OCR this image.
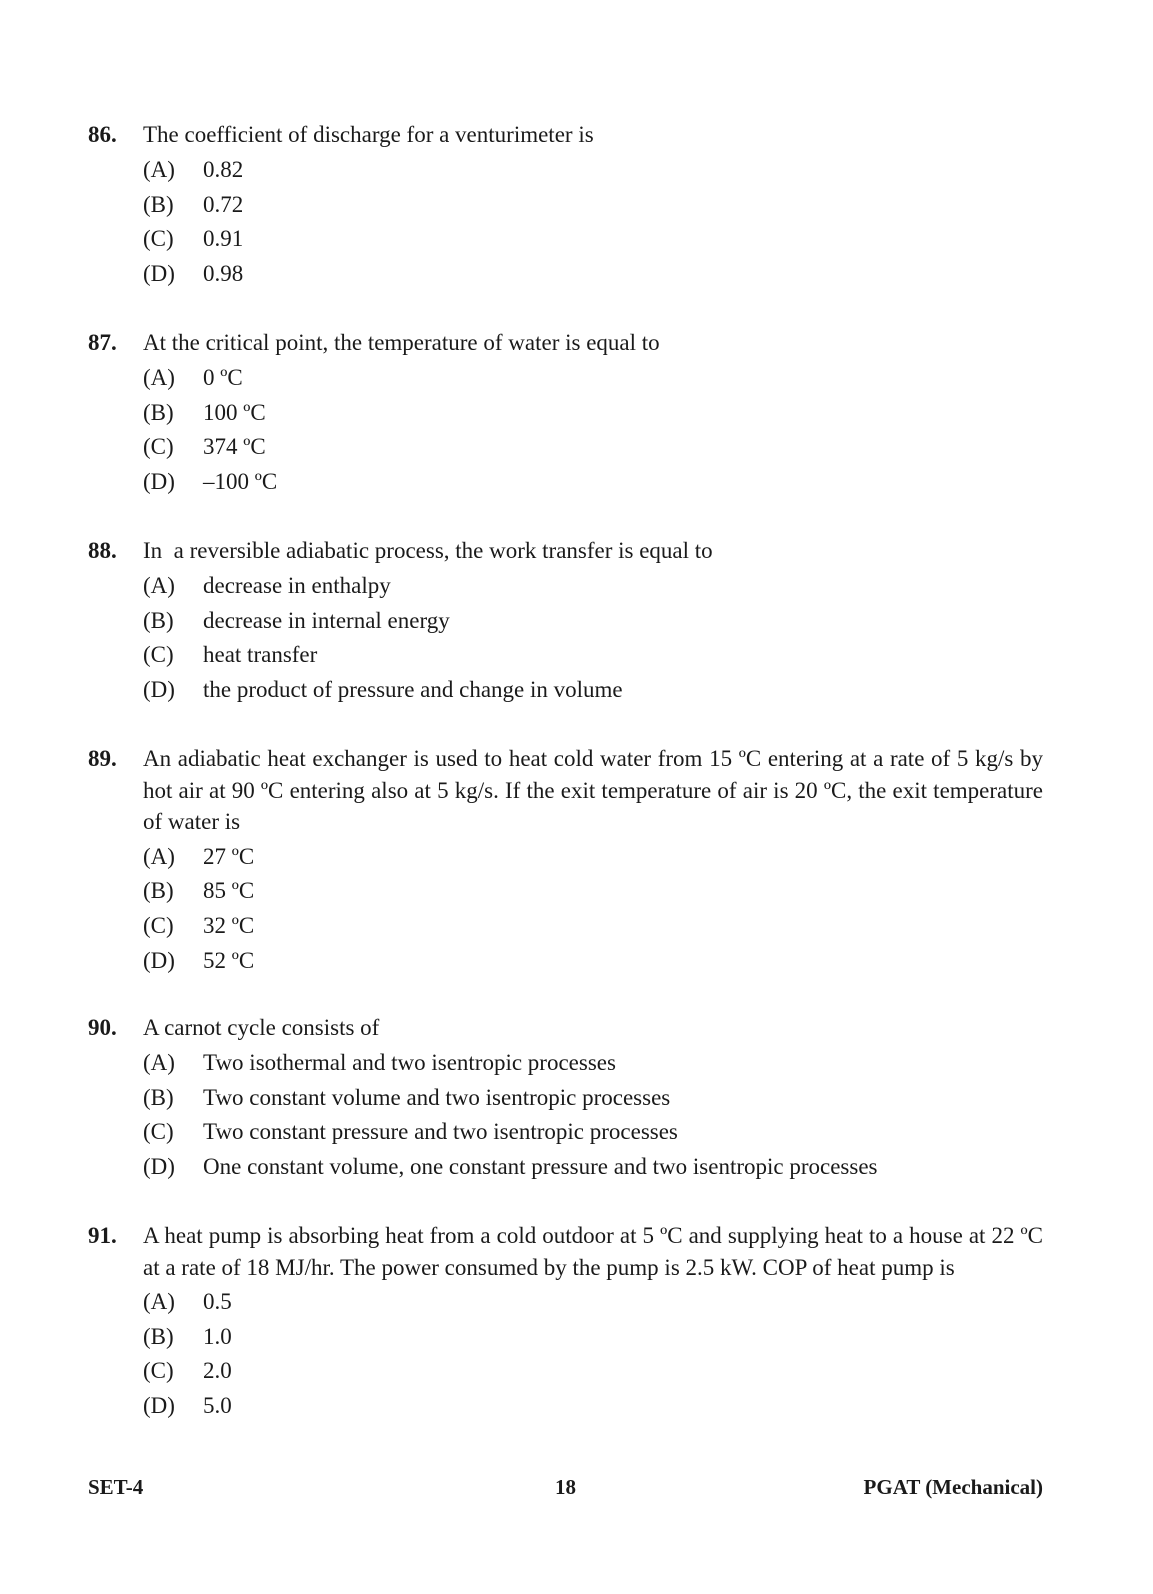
86.	The coefficient of discharge for a venturimeter is
(A)	0.82
(B)	0.72
(C)	0.91
(D)	0.98
87.	At the critical point, the temperature of water is equal to
(A)	0 ºC
(B)	100 ºC
(C)	374 ºC
(D)	–100 ºC
88.	In  a reversible adiabatic process, the work transfer is equal to
(A)	decrease in enthalpy
(B)	decrease in internal energy
(C)	heat transfer
(D)	the product of pressure and change in volume
89.	An adiabatic heat exchanger is used to heat cold water from 15 ºC entering at a rate of 5 kg/s by hot air at 90 ºC entering also at 5 kg/s. If the exit temperature of air is 20 ºC, the exit temperature of water is
(A)	27 ºC
(B)	85 ºC
(C)	32 ºC
(D)	52 ºC
90.	A carnot cycle consists of
(A)	Two isothermal and two isentropic processes
(B)	Two constant volume and two isentropic processes
(C)	Two constant pressure and two isentropic processes
(D)	One constant volume, one constant pressure and two isentropic processes
91.	A heat pump is absorbing heat from a cold outdoor at 5 ºC and supplying heat to a house at 22 ºC at a rate of 18 MJ/hr. The power consumed by the pump is 2.5 kW. COP of heat pump is
(A)	0.5
(B)	1.0
(C)	2.0
(D)	5.0
SET-4	18	PGAT (Mechanical)
